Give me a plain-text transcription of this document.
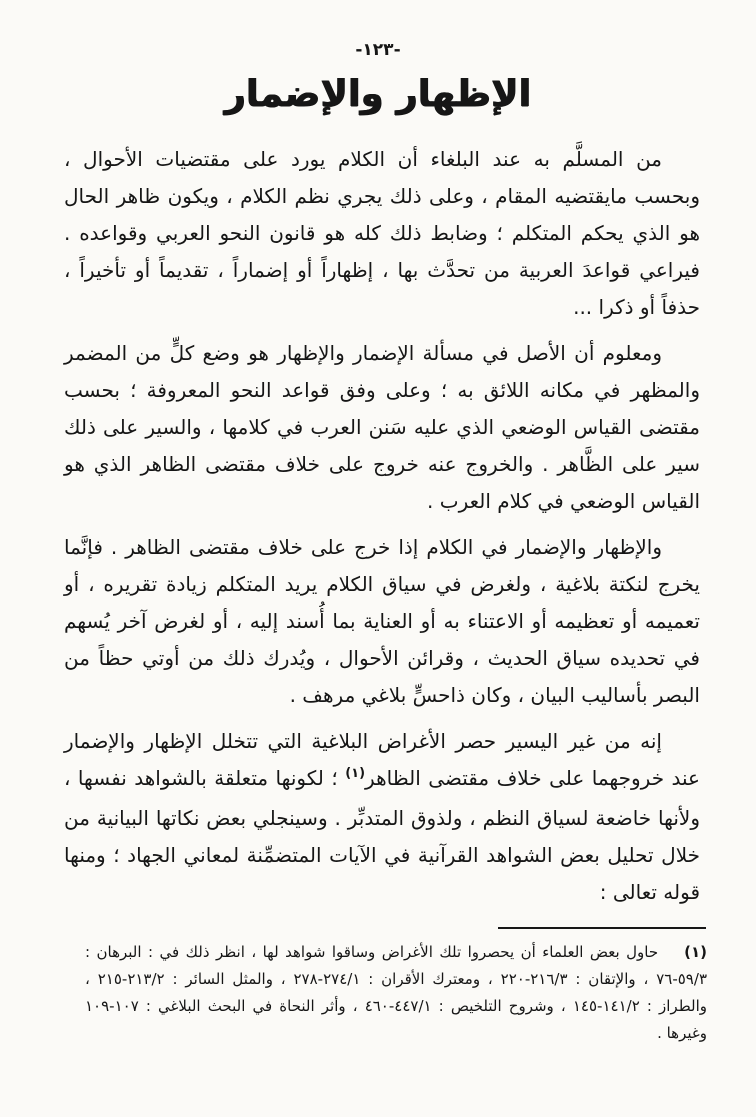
-١٢٣-
الإظهار والإضمار

من المسلَّم به عند البلغاء أن الكلام يورد على مقتضيات الأحوال ، وبحسب مايقتضيه المقام ، وعلى ذلك يجري نظم الكلام ، ويكون ظاهر الحال هو الذي يحكم المتكلم ؛ وضابط ذلك كله هو قانون النحو العربي وقواعده . فيراعي قواعدَ العربية من تحدَّث بها ، إظهاراً أو إضماراً ، تقديماً أو تأخيراً ، حذفاً أو ذكرا ...

ومعلوم أن الأصل في مسألة الإضمار والإظهار هو وضع كلٍّ من المضمر والمظهر في مكانه اللائق به ؛ وعلى وفق قواعد النحو المعروفة ؛ بحسب مقتضى القياس الوضعي الذي عليه سَنن العرب في كلامها ، والسير على ذلك سير على الظَّاهر . والخروج عنه خروج على خلاف مقتضى الظاهر الذي هو القياس الوضعي في كلام العرب .

والإظهار والإضمار في الكلام إذا خرج على خلاف مقتضى الظاهر . فإنَّما يخرج لنكتة بلاغية ، ولغرض في سياق الكلام يريد المتكلم زيادة تقريره ، أو تعميمه أو تعظيمه أو الاعتناء به أو العناية بما أُسند إليه ، أو لغرض آخر يُسهم في تحديده سياق الحديث ، وقرائن الأحوال ، ويُدرك ذلك من أوتي حظاً من البصر بأساليب البيان ، وكان ذاحسٍّ بلاغي مرهف .

إنه من غير اليسير حصر الأغراض البلاغية التي تتخلل الإظهار والإضمار عند خروجهما على خلاف مقتضى الظاهر$^{(١)}$ ؛ لكونها متعلقة بالشواهد نفسها ، ولأنها خاضعة لسياق النظم ، ولذوق المتدبِّر . وسينجلي بعض نكاتها البيانية من خلال تحليل بعض الشواهد القرآنية في الآيات المتضمِّنة لمعاني الجهاد ؛ ومنها قوله تعالى :

(١)حاول بعض العلماء أن يحصروا تلك الأغراض وساقوا شواهد لها ، انظر ذلك في : البرهان : ٣‏/‏٥٩-٧٦ ، والإتقان : ٣‏/‏٢١٦-٢٢٠ ، ومعترك الأقران : ١‏/‏٢٧٤-٢٧٨ ، والمثل السائر : ٢‏/‏٢١٣-٢١٥ ، والطراز : ٢‏/‏١٤١-١٤٥ ، وشروح التلخيص : ١‏/‏٤٤٧-٤٦٠ ، وأثر النحاة في البحث البلاغي : ١٠٧-١٠٩ وغيرها .
